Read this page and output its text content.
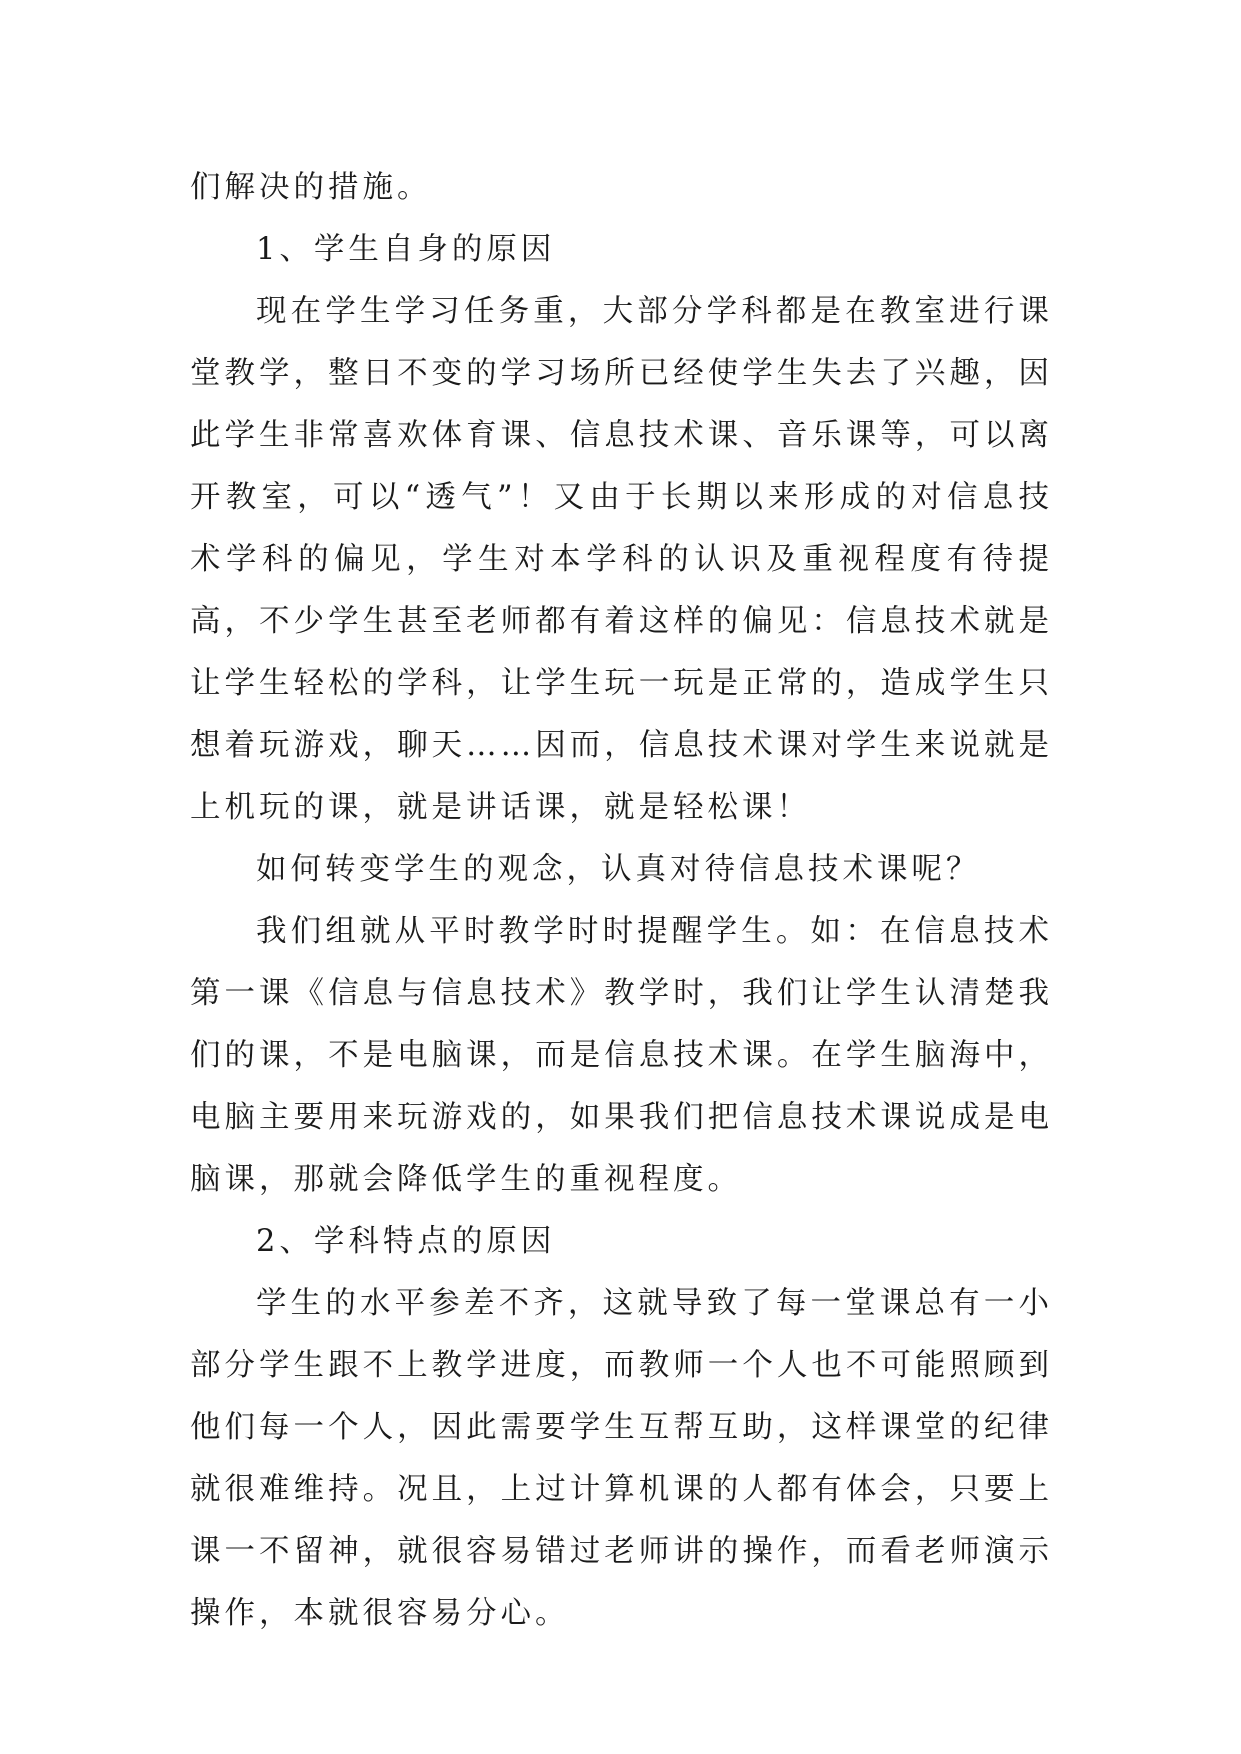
们解决的措施。

1、学生自身的原因

现在学生学习任务重，大部分学科都是在教室进行课堂教学，整日不变的学习场所已经使学生失去了兴趣，因此学生非常喜欢体育课、信息技术课、音乐课等，可以离开教室，可以“透气”！又由于长期以来形成的对信息技术学科的偏见，学生对本学科的认识及重视程度有待提高，不少学生甚至老师都有着这样的偏见：信息技术就是让学生轻松的学科，让学生玩一玩是正常的，造成学生只想着玩游戏，聊天……因而，信息技术课对学生来说就是上机玩的课，就是讲话课，就是轻松课！

如何转变学生的观念，认真对待信息技术课呢？

我们组就从平时教学时时提醒学生。如：在信息技术第一课《信息与信息技术》教学时，我们让学生认清楚我们的课，不是电脑课，而是信息技术课。在学生脑海中，电脑主要用来玩游戏的，如果我们把信息技术课说成是电脑课，那就会降低学生的重视程度。

2、学科特点的原因

学生的水平参差不齐，这就导致了每一堂课总有一小部分学生跟不上教学进度，而教师一个人也不可能照顾到他们每一个人，因此需要学生互帮互助，这样课堂的纪律就很难维持。况且，上过计算机课的人都有体会，只要上课一不留神，就很容易错过老师讲的操作，而看老师演示操作，本就很容易分心。
